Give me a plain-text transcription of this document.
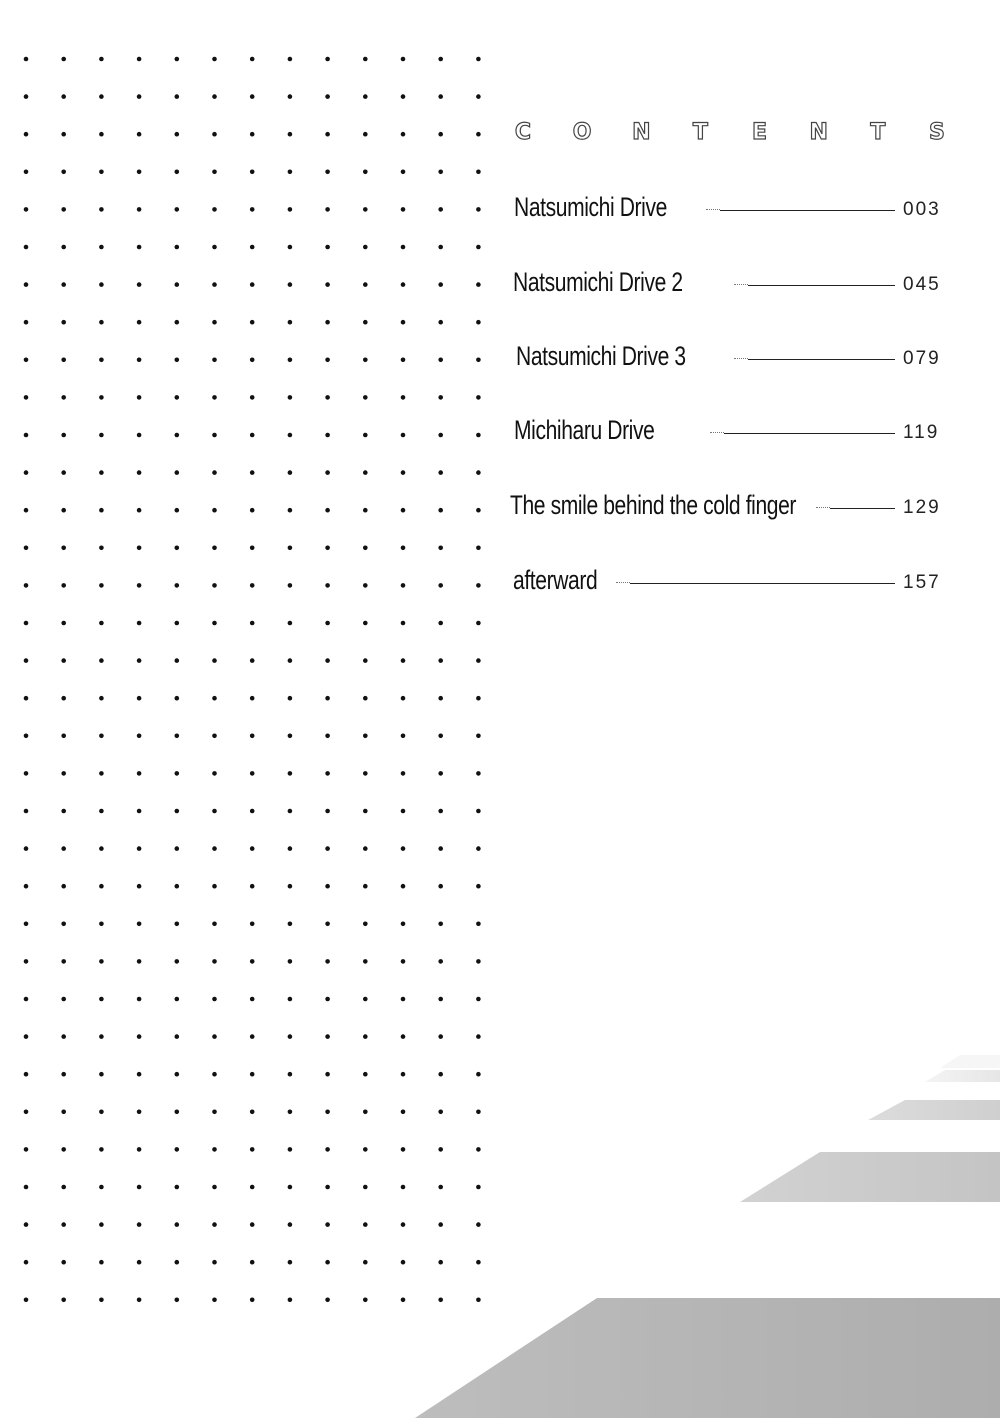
C O N T E N T S
Natsumichi Drive	003
Natsumichi Drive 2	045
Natsumichi Drive 3	079
Michiharu Drive	119
The smile behind the cold finger	129
afterward	157
